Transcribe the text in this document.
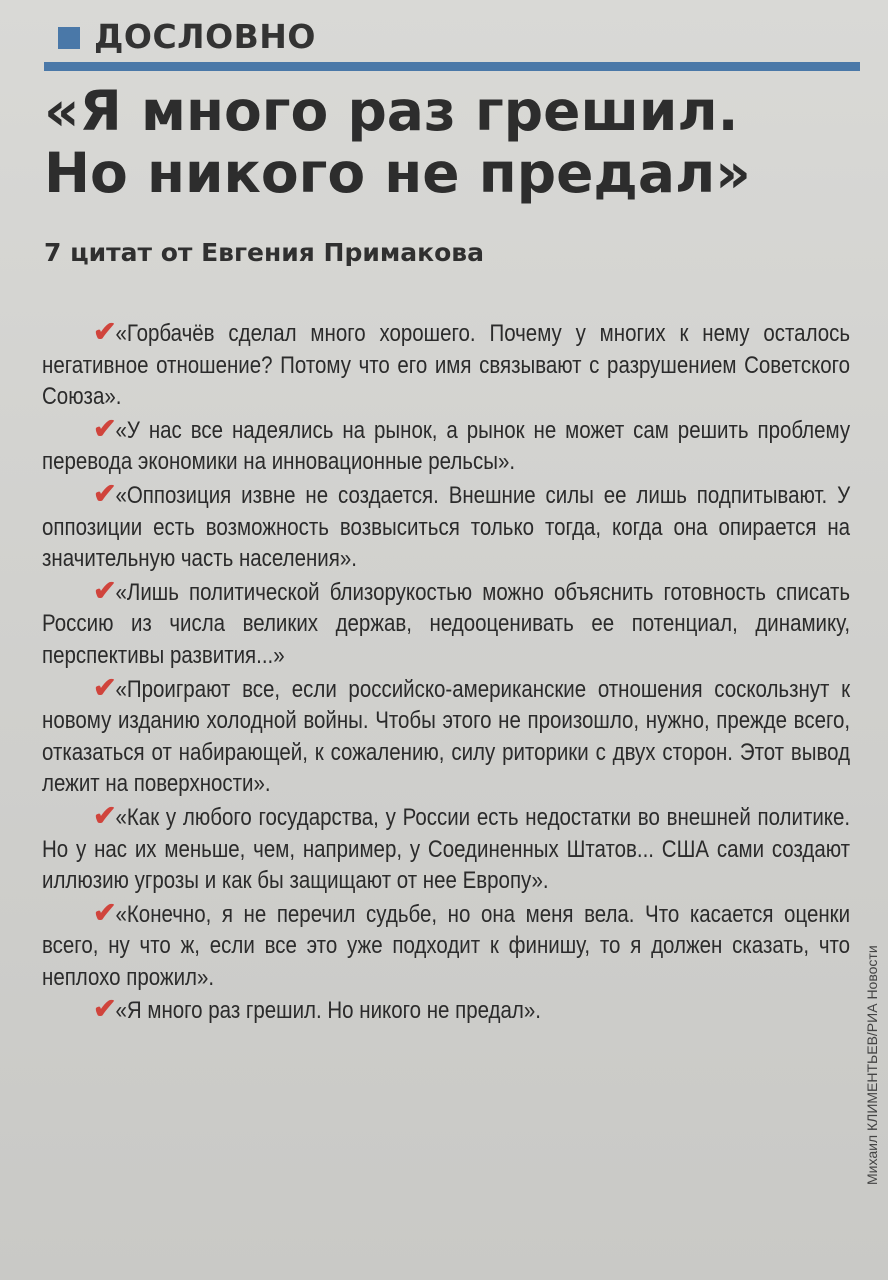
ДОСЛОВНО
«Я много раз грешил.
Но никого не предал»
7 цитат от Евгения Примакова

✔«Горбачёв сделал много хорошего. Почему у многих к нему осталось негативное отношение? Потому что его имя связывают с разрушением Советского Союза».

✔«У нас все надеялись на рынок, а рынок не может сам решить проблему перевода экономики на инновационные рельсы».

✔«Оппозиция извне не создается. Внешние силы ее лишь подпитывают. У оппозиции есть возможность возвыситься только тогда, когда она опирается на значительную часть населения».

✔«Лишь политической близорукостью можно объяснить готовность списать Россию из числа великих держав, недооценивать ее потенциал, динамику, перспективы развития...»

✔«Проиграют все, если российско-американские отношения соскользнут к новому изданию холодной войны. Чтобы этого не произошло, нужно, прежде всего, отказаться от набирающей, к сожалению, силу риторики с двух сторон. Этот вывод лежит на поверхности».

✔«Как у любого государства, у России есть недостатки во внешней политике. Но у нас их меньше, чем, например, у Соединенных Штатов... США сами создают иллюзию угрозы и как бы защищают от нее Европу».

✔«Конечно, я не перечил судьбе, но она меня вела. Что касается оценки всего, ну что ж, если все это уже подходит к финишу, то я должен сказать, что неплохо прожил».

✔«Я много раз грешил. Но никого не предал».	Михаил КЛИМЕНТЬЕВ/РИА Новости
